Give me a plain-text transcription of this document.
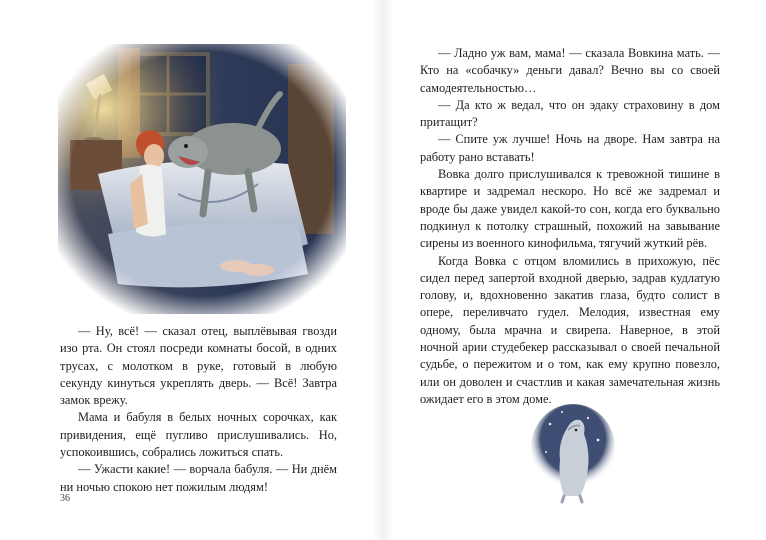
— Ну, всё! — сказал отец, выплёвывая гвозди изо рта. Он стоял посреди комнаты босой, в одних трусах, с молотком в руке, готовый в любую секунду кинуться укреплять дверь. — Всё! Завтра замок врежу.

Мама и бабуля в белых ночных сорочках, как привидения, ещё пугливо прислушивались. Но, успокоившись, собрались ложиться спать.

— Ужасти какие! — ворчала бабуля. — Ни днём ни ночью спокою нет пожилым людям!

36

— Ладно уж вам, мама! — сказала Вовкина мать. — Кто на «собачку» деньги давал? Вечно вы со своей самодеятельностью…

— Да кто ж ведал, что он эдаку страховину в дом притащит?

— Спите уж лучше! Ночь на дворе. Нам завтра на работу рано вставать!

Вовка долго прислушивался к тревожной тишине в квартире и задремал нескоро. Но всё же задремал и вроде бы даже увидел какой-то сон, когда его буквально подкинул к потолку страшный, похожий на завывание сирены из военного кинофильма, тягучий жуткий рёв.

Когда Вовка с отцом вломились в прихожую, пёс сидел перед запертой входной дверью, задрав кудлатую голову, и, вдохновенно закатив глаза, будто солист в опере, переливчато гудел. Мелодия, известная ему одному, была мрачна и свирепа. Наверное, в этой ночной арии студебекер рассказывал о своей печальной судьбе, о пережитом и о том, как ему крупно повезло, или он доволен и счастлив и какая замечательная жизнь ожидает его в этом доме.
